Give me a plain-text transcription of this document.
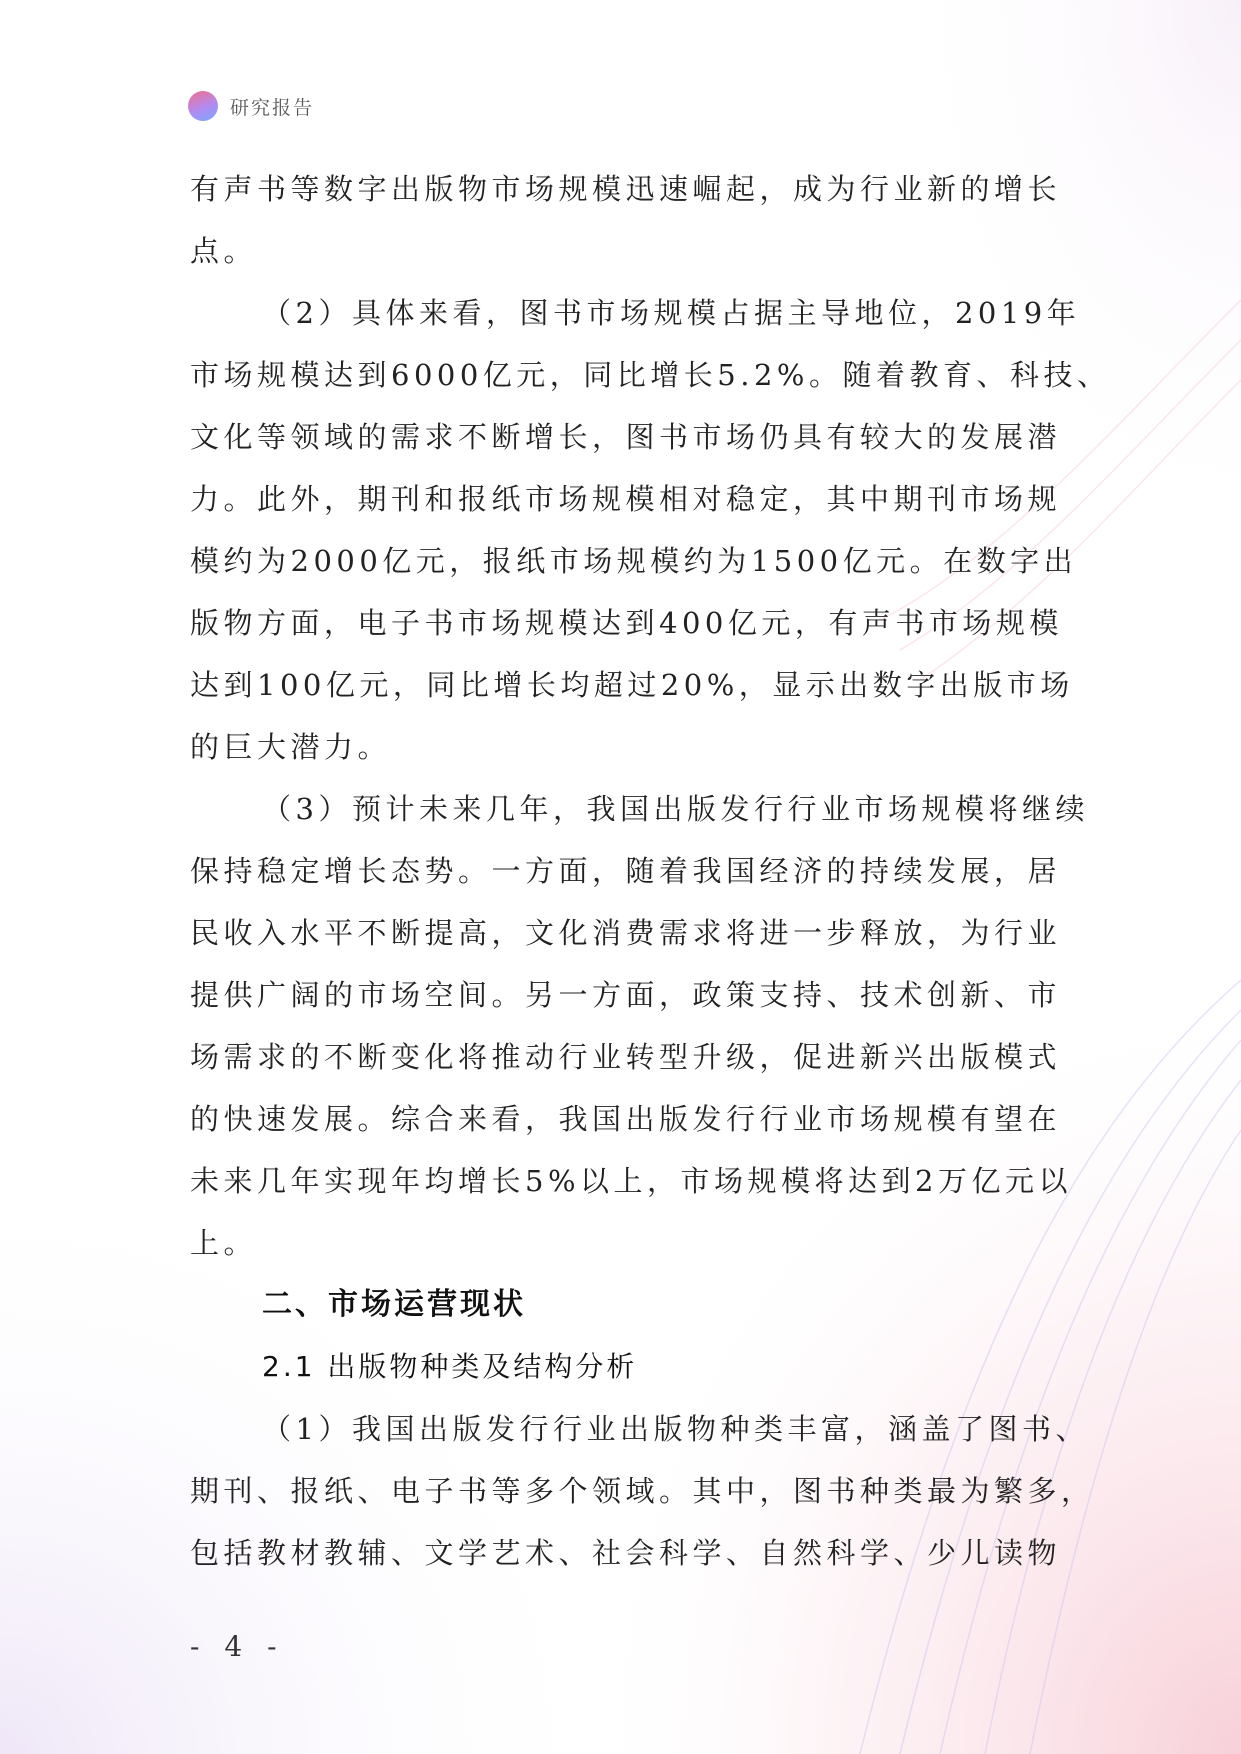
研究报告

有声书等数字出版物市场规模迅速崛起，成为行业新的增长

点。

（2）具体来看，图书市场规模占据主导地位，2019年

市场规模达到6000亿元，同比增长5.2%。随着教育、科技、

文化等领域的需求不断增长，图书市场仍具有较大的发展潜

力。此外，期刊和报纸市场规模相对稳定，其中期刊市场规

模约为2000亿元，报纸市场规模约为1500亿元。在数字出

版物方面，电子书市场规模达到400亿元，有声书市场规模

达到100亿元，同比增长均超过20%，显示出数字出版市场

的巨大潜力。

（3）预计未来几年，我国出版发行行业市场规模将继续

保持稳定增长态势。一方面，随着我国经济的持续发展，居

民收入水平不断提高，文化消费需求将进一步释放，为行业

提供广阔的市场空间。另一方面，政策支持、技术创新、市

场需求的不断变化将推动行业转型升级，促进新兴出版模式

的快速发展。综合来看，我国出版发行行业市场规模有望在

未来几年实现年均增长5%以上，市场规模将达到2万亿元以

上。

二、市场运营现状

2.1 出版物种类及结构分析

（1）我国出版发行行业出版物种类丰富，涵盖了图书、

期刊、报纸、电子书等多个领域。其中，图书种类最为繁多，

包括教材教辅、文学艺术、社会科学、自然科学、少儿读物

- 4 -
